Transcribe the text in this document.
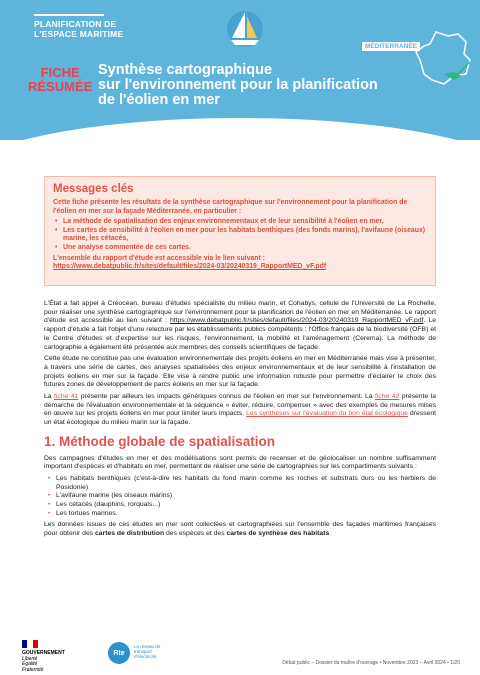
PLANIFICATION DE
L'ESPACE MARITIME
MÉDITERRANÉE
FICHE
RÉSUMÉE
Synthèse cartographique
sur l'environnement pour la planification
de l'éolien en mer
Messages clés

Cette fiche présente les résultats de la synthèse cartographique sur l'environnement pour la planification de l'éolien en mer sur la façade Méditerranée, en particulier :

• La méthode de spatialisation des enjeux environnementaux et de leur sensibilité à l'éolien en mer,
• Les cartes de sensibilité à l'éolien en mer pour les habitats benthiques (des fonds marins), l'avifaune (oiseaux) marine, les cétacés,
• Une analyse commentée de ces cartes.

L'ensemble du rapport d'étude est accessible via le lien suivant : https://www.debatpublic.fr/sites/default/files/2024-03/20240319_RapportMED_vF.pdf

L'État a fait appel à Créocéan, bureau d'études spécialiste du milieu marin, et Cohabys, cellule de l'Université de La Rochelle, pour réaliser une synthèse cartographique sur l'environnement pour la planification de l'éolien en mer en Méditerranée. Le rapport d'étude est accessible au lien suivant : https://www.debatpublic.fr/sites/default/files/2024-03/20240319_RapportMED_vF.pdf. Le rapport d'étude a fait l'objet d'une relecture par les établissements publics compétents : l'Office français de la biodiversité (OFB) et le Centre d'études et d'expertise sur les risques, l'environnement, la mobilité et l'aménagement (Cerema). La méthode de cartographie a également été présentée aux membres des conseils scientifiques de façade.

Cette étude ne constitue pas une évaluation environnementale des projets éoliens en mer en Méditerranée mais vise à présenter, à travers une série de cartes, des analyses spatialisées des enjeux environnementaux et de leur sensibilité à l'installation de projets éoliens en mer sur la façade. Elle vise à rendre public une information robuste pour permettre d'éclairer le choix des futures zones de développement de parcs éoliens en mer sur la façade.

La fiche 41 présente par ailleurs les impacts génériques connus de l'éolien en mer sur l'environnement. La fiche 42 présente la démarche de l'évaluation environnementale et la séquence « éviter, réduire, compenser » avec des exemples de mesures mises en œuvre sur les projets éoliens en mer pour limiter leurs impacts. Les synthèses sur l'évaluation du bon état écologique dressent un état écologique du milieu marin sur la façade.

1. Méthode globale de spatialisation

Des campagnes d'études en mer et des modélisations sont permis de recenser et de géolocaliser un nombre suffisamment important d'espèces et d'habitats en mer, permettant de réaliser une série de cartographies sur les compartiments suivants :

• Les habitats benthiques (c'est-à-dire les habitats du fond marin comme les roches et substrats durs ou les herbiers de Posidonie)
• L'avifaune marine (les oiseaux marins)
• Les cétacés (dauphins, rorquals...)
• Les tortues marines.

Les données issues de ces études en mer sont collectées et cartographiées sur l'ensemble des façades maritimes françaises pour obtenir des cartes de distribution des espèces et des cartes de synthèse des habitats

GOUVERNEMENT
Liberté
Égalité
Fraternité
Rte
Le réseau de transport d'électricité
Débat public – Dossier du maître d'ouvrage • Novembre 2023 – Avril 2024 • 1/20
